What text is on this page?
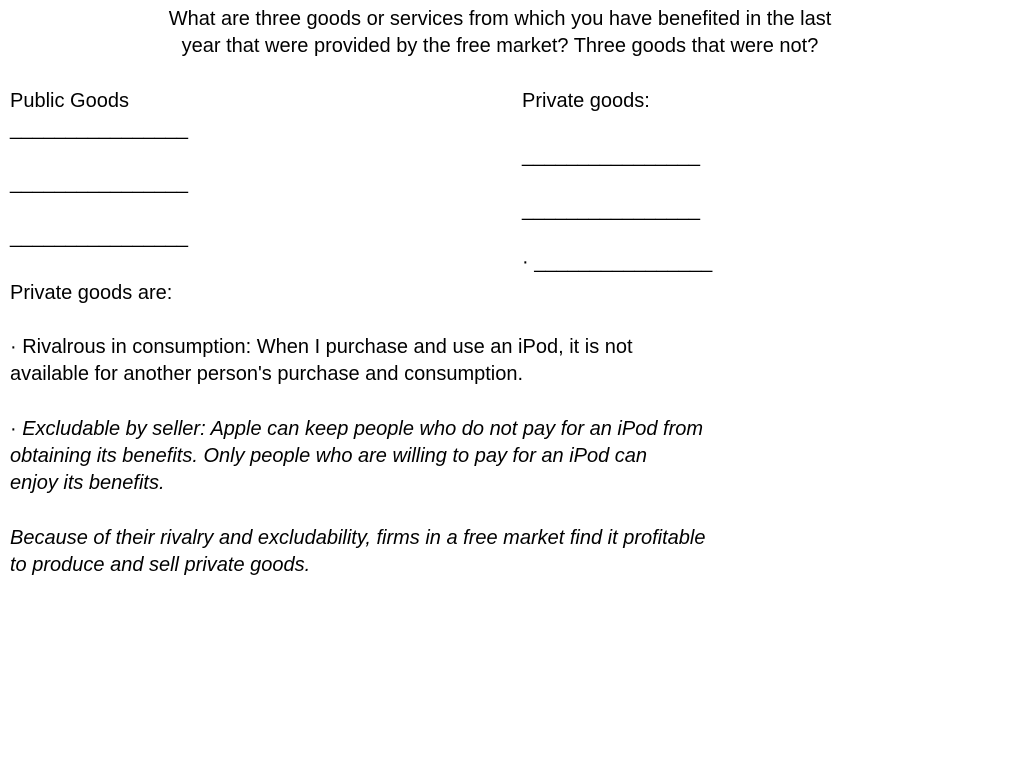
What are three goods or services from which you have benefited in the last
year that were provided by the free market? Three goods that were not?
Public Goods
________________
________________
________________
Private goods:
________________
________________
· ________________
Private goods are:
· Rivalrous in consumption: When I purchase and use an iPod, it is not
available for another person's purchase and consumption.
· Excludable by seller: Apple can keep people who do not pay for an iPod from
obtaining its benefits. Only people who are willing to pay for an iPod can
enjoy its benefits.
Because of their rivalry and excludability, firms in a free market find it profitable
to produce and sell private goods.
